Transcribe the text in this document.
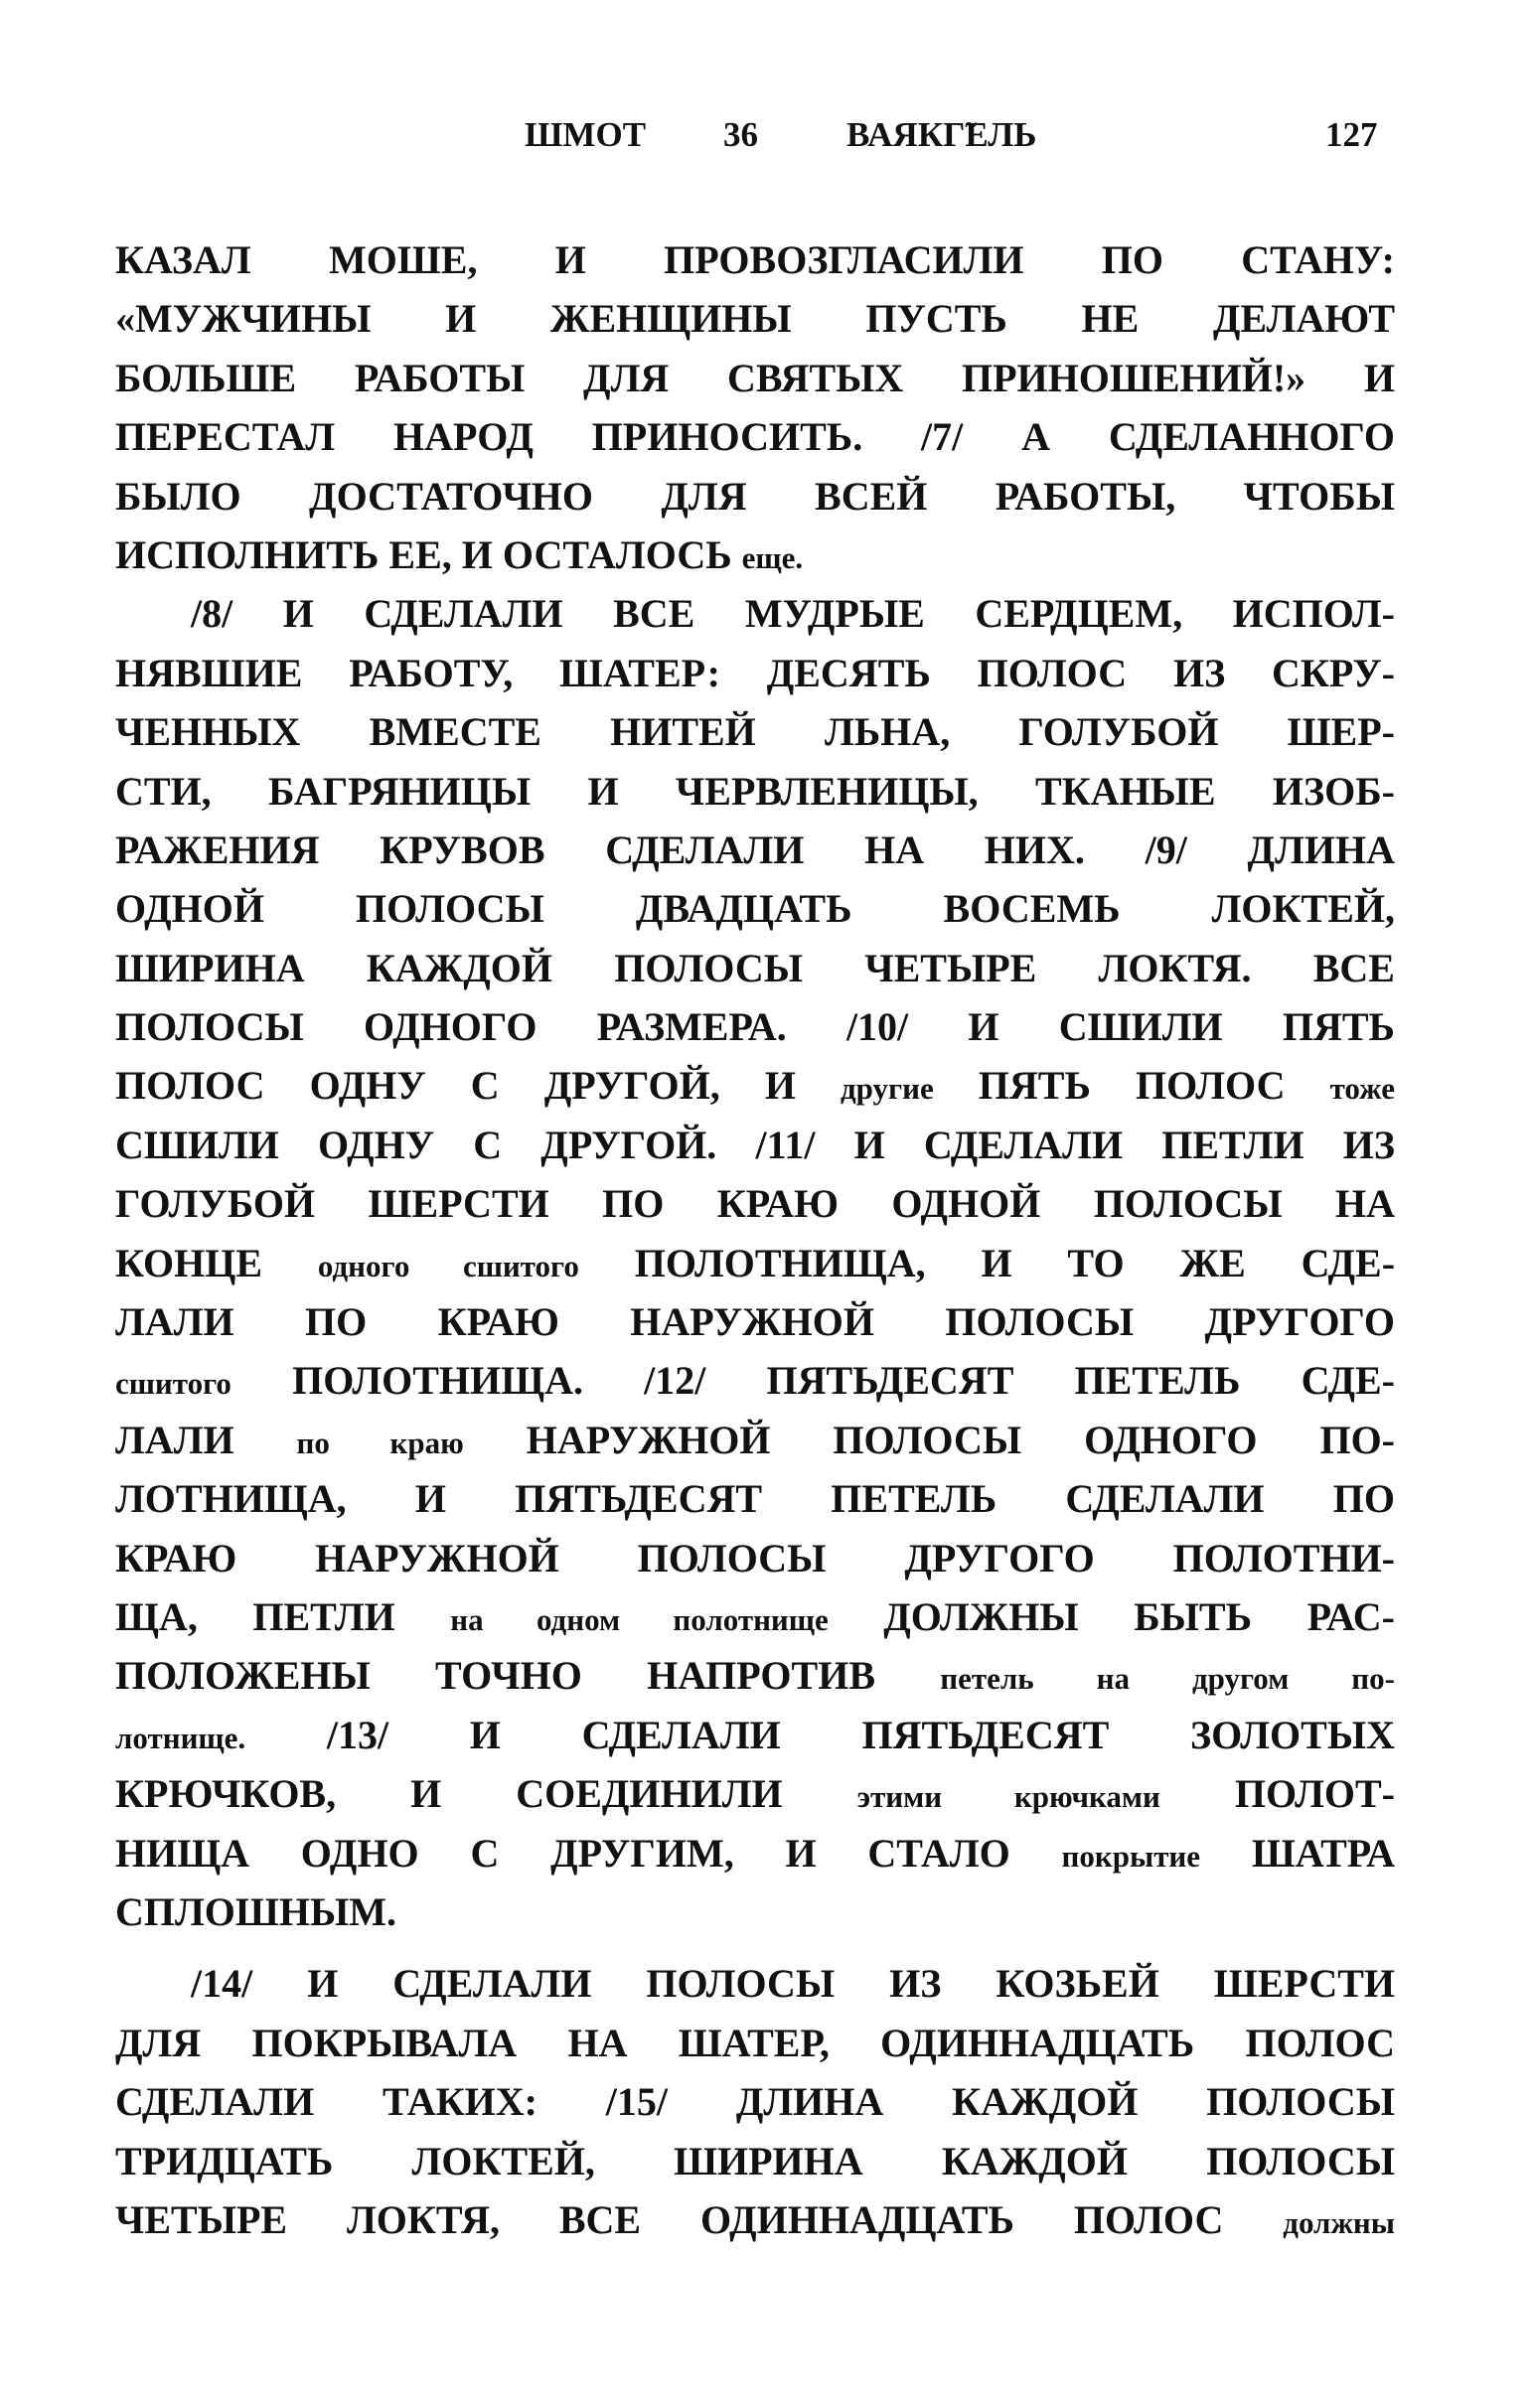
ШМОТ 36	ВАЯКГ̃ЕЛЬ	127
КАЗАЛ МОШЕ, И ПРОВОЗГЛАСИЛИ ПО СТАНУ:
«МУЖЧИНЫ И ЖЕНЩИНЫ ПУСТЬ НЕ ДЕЛАЮТ
БОЛЬШЕ РАБОТЫ ДЛЯ СВЯТЫХ ПРИНОШЕНИЙ!» И
ПЕРЕСТАЛ НАРОД ПРИНОСИТЬ. /7/ А СДЕЛАННОГО
БЫЛО ДОСТАТОЧНО ДЛЯ ВСЕЙ РАБОТЫ, ЧТОБЫ
ИСПОЛНИТЬ ЕЕ, И ОСТАЛОСЬ еще.
/8/ И СДЕЛАЛИ ВСЕ МУДРЫЕ СЕРДЦЕМ, ИСПОЛ-
НЯВШИЕ РАБОТУ, ШАТЕР: ДЕСЯТЬ ПОЛОС ИЗ СКРУ-
ЧЕННЫХ ВМЕСТЕ НИТЕЙ ЛЬНА, ГОЛУБОЙ ШЕР-
СТИ, БАГРЯНИЦЫ И ЧЕРВЛЕНИЦЫ, ТКАНЫЕ ИЗОБ-
РАЖЕНИЯ КРУВОВ СДЕЛАЛИ НА НИХ. /9/ ДЛИНА
ОДНОЙ ПОЛОСЫ ДВАДЦАТЬ ВОСЕМЬ ЛОКТЕЙ,
ШИРИНА КАЖДОЙ ПОЛОСЫ ЧЕТЫРЕ ЛОКТЯ. ВСЕ
ПОЛОСЫ ОДНОГО РАЗМЕРА. /10/ И СШИЛИ ПЯТЬ
ПОЛОС ОДНУ С ДРУГОЙ, И другие ПЯТЬ ПОЛОС тоже
СШИЛИ ОДНУ С ДРУГОЙ. /11/ И СДЕЛАЛИ ПЕТЛИ ИЗ
ГОЛУБОЙ ШЕРСТИ ПО КРАЮ ОДНОЙ ПОЛОСЫ НА
КОНЦЕ одного сшитого ПОЛОТНИЩА, И ТО ЖЕ СДЕ-
ЛАЛИ ПО КРАЮ НАРУЖНОЙ ПОЛОСЫ ДРУГОГО
сшитого ПОЛОТНИЩА. /12/ ПЯТЬДЕСЯТ ПЕТЕЛЬ СДЕ-
ЛАЛИ по краю НАРУЖНОЙ ПОЛОСЫ ОДНОГО ПО-
ЛОТНИЩА, И ПЯТЬДЕСЯТ ПЕТЕЛЬ СДЕЛАЛИ ПО
КРАЮ НАРУЖНОЙ ПОЛОСЫ ДРУГОГО ПОЛОТНИ-
ЩА, ПЕТЛИ на одном полотнище ДОЛЖНЫ БЫТЬ РАС-
ПОЛОЖЕНЫ ТОЧНО НАПРОТИВ петель на другом по-
лотнище. /13/ И СДЕЛАЛИ ПЯТЬДЕСЯТ ЗОЛОТЫХ
КРЮЧКОВ, И СОЕДИНИЛИ этими крючками ПОЛОТ-
НИЩА ОДНО С ДРУГИМ, И СТАЛО покрытие ШАТРА
СПЛОШНЫМ.
/14/ И СДЕЛАЛИ ПОЛОСЫ ИЗ КОЗЬЕЙ ШЕРСТИ
ДЛЯ ПОКРЫВАЛА НА ШАТЕР, ОДИННАДЦАТЬ ПОЛОС
СДЕЛАЛИ ТАКИХ: /15/ ДЛИНА КАЖДОЙ ПОЛОСЫ
ТРИДЦАТЬ ЛОКТЕЙ, ШИРИНА КАЖДОЙ ПОЛОСЫ
ЧЕТЫРЕ ЛОКТЯ, ВСЕ ОДИННАДЦАТЬ ПОЛОС должны
